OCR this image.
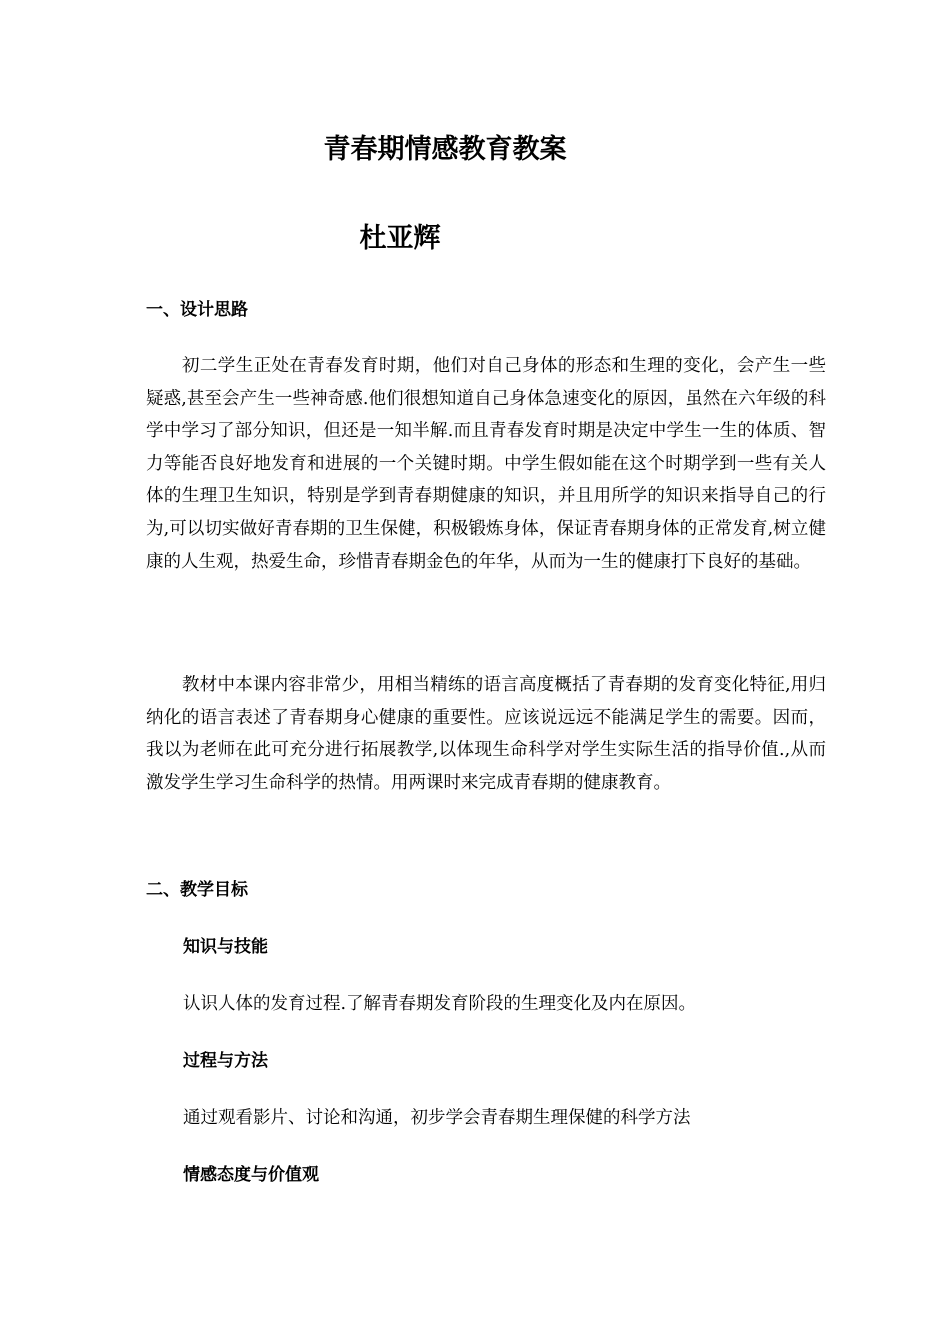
青春期情感教育教案
杜亚辉
一、设计思路

初二学生正处在青春发育时期，他们对自己身体的形态和生理的变化，会产生一些疑惑,甚至会产生一些神奇感.他们很想知道自己身体急速变化的原因，虽然在六年级的科学中学习了部分知识，但还是一知半解.而且青春发育时期是决定中学生一生的体质、智力等能否良好地发育和进展的一个关键时期。中学生假如能在这个时期学到一些有关人体的生理卫生知识，特别是学到青春期健康的知识，并且用所学的知识来指导自己的行为,可以切实做好青春期的卫生保健，积极锻炼身体，保证青春期身体的正常发育,树立健康的人生观，热爱生命，珍惜青春期金色的年华，从而为一生的健康打下良好的基础。

教材中本课内容非常少，用相当精练的语言高度概括了青春期的发育变化特征,用归纳化的语言表述了青春期身心健康的重要性。应该说远远不能满足学生的需要。因而，我以为老师在此可充分进行拓展教学,以体现生命科学对学生实际生活的指导价值.,从而激发学生学习生命科学的热情。用两课时来完成青春期的健康教育。

二、教学目标
知识与技能

认识人体的发育过程.了解青春期发育阶段的生理变化及内在原因。

过程与方法

通过观看影片、讨论和沟通，初步学会青春期生理保健的科学方法

情感态度与价值观
